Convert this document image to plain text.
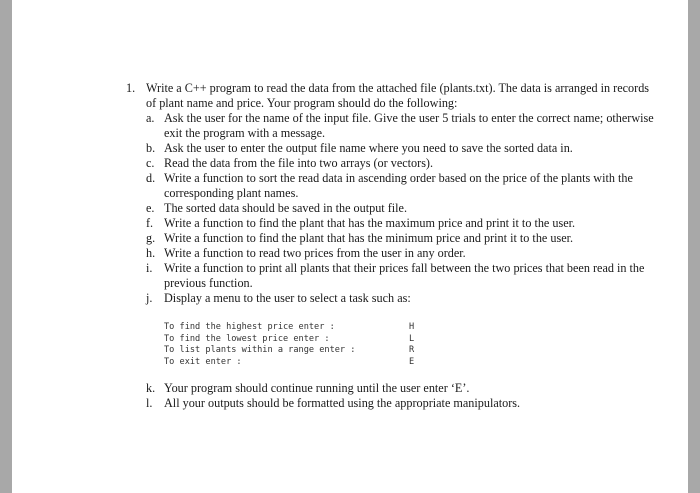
1. Write a C++ program to read the data from the attached file (plants.txt). The data is arranged in records of plant name and price. Your program should do the following:
a. Ask the user for the name of the input file. Give the user 5 trials to enter the correct name; otherwise exit the program with a message.
b. Ask the user to enter the output file name where you need to save the sorted data in.
c. Read the data from the file into two arrays (or vectors).
d. Write a function to sort the read data in ascending order based on the price of the plants with the corresponding plant names.
e. The sorted data should be saved in the output file.
f. Write a function to find the plant that has the maximum price and print it to the user.
g. Write a function to find the plant that has the minimum price and print it to the user.
h. Write a function to read two prices from the user in any order.
i. Write a function to print all plants that their prices fall between the two prices that been read in the previous function.
j. Display a menu to the user to select a task such as:
To find the highest price enter :	H
To find the lowest price enter :	L
To list plants within a range enter :	R
To exit enter :	E
k. Your program should continue running until the user enter ‘E’.
l. All your outputs should be formatted using the appropriate manipulators.
